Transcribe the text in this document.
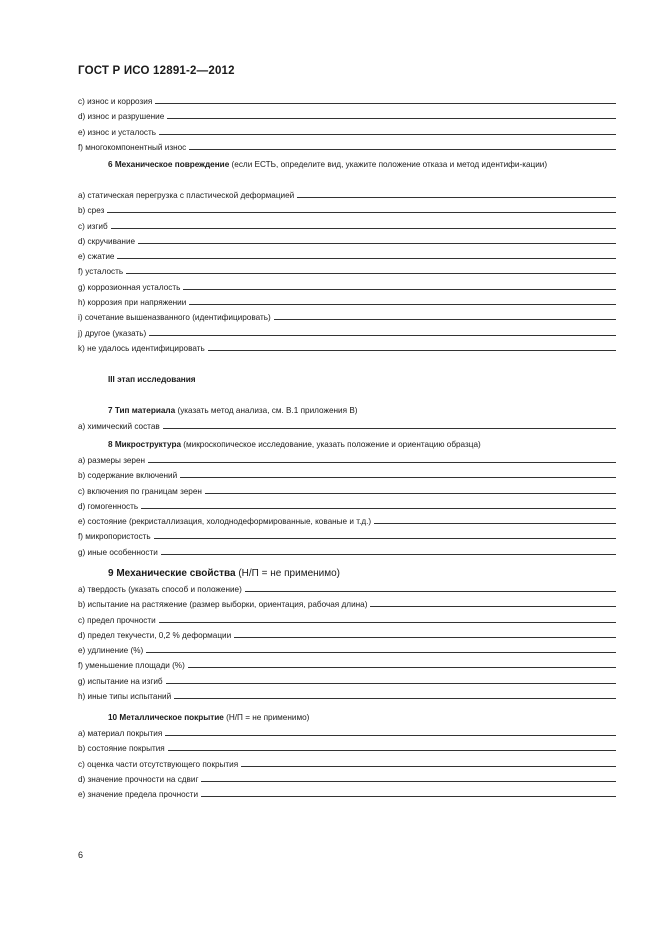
ГОСТ Р ИСО 12891-2—2012
c) износ и коррозия
d) износ и разрушение
e) износ и усталость
f) многокомпонентный износ
6 Механическое повреждение (если ЕСТЬ, определите вид, укажите положение отказа и метод идентифи-кации)
a) статическая перегрузка с пластической деформацией
b) срез
c) изгиб
d) скручивание
e) сжатие
f) усталость
g) коррозионная усталость
h) коррозия при напряжении
i) сочетание вышеназванного (идентифицировать)
j) другое (указать)
k) не удалось идентифицировать
III этап исследования
7 Тип материала (указать метод анализа, см. В.1 приложения В)
a) химический состав
8 Микроструктура (микроскопическое исследование, указать положение и ориентацию образца)
a) размеры зерен
b) содержание включений
c) включения по границам зерен
d) гомогенность
e) состояние (рекристаллизация, холоднодеформированные, кованые и т.д.)
f) микропористость
g) иные особенности
9 Механические свойства (Н/П = не применимо)
a) твердость (указать способ и положение)
b) испытание на растяжение (размер выборки, ориентация, рабочая длина)
c) предел прочности
d) предел текучести, 0,2 % деформации
e) удлинение (%)
f) уменьшение площади (%)
g) испытание на изгиб
h) иные типы испытаний
10 Металлическое покрытие (Н/П = не применимо)
a) материал покрытия
b) состояние покрытия
c) оценка части отсутствующего покрытия
d) значение прочности на сдвиг
e) значение предела прочности
6
